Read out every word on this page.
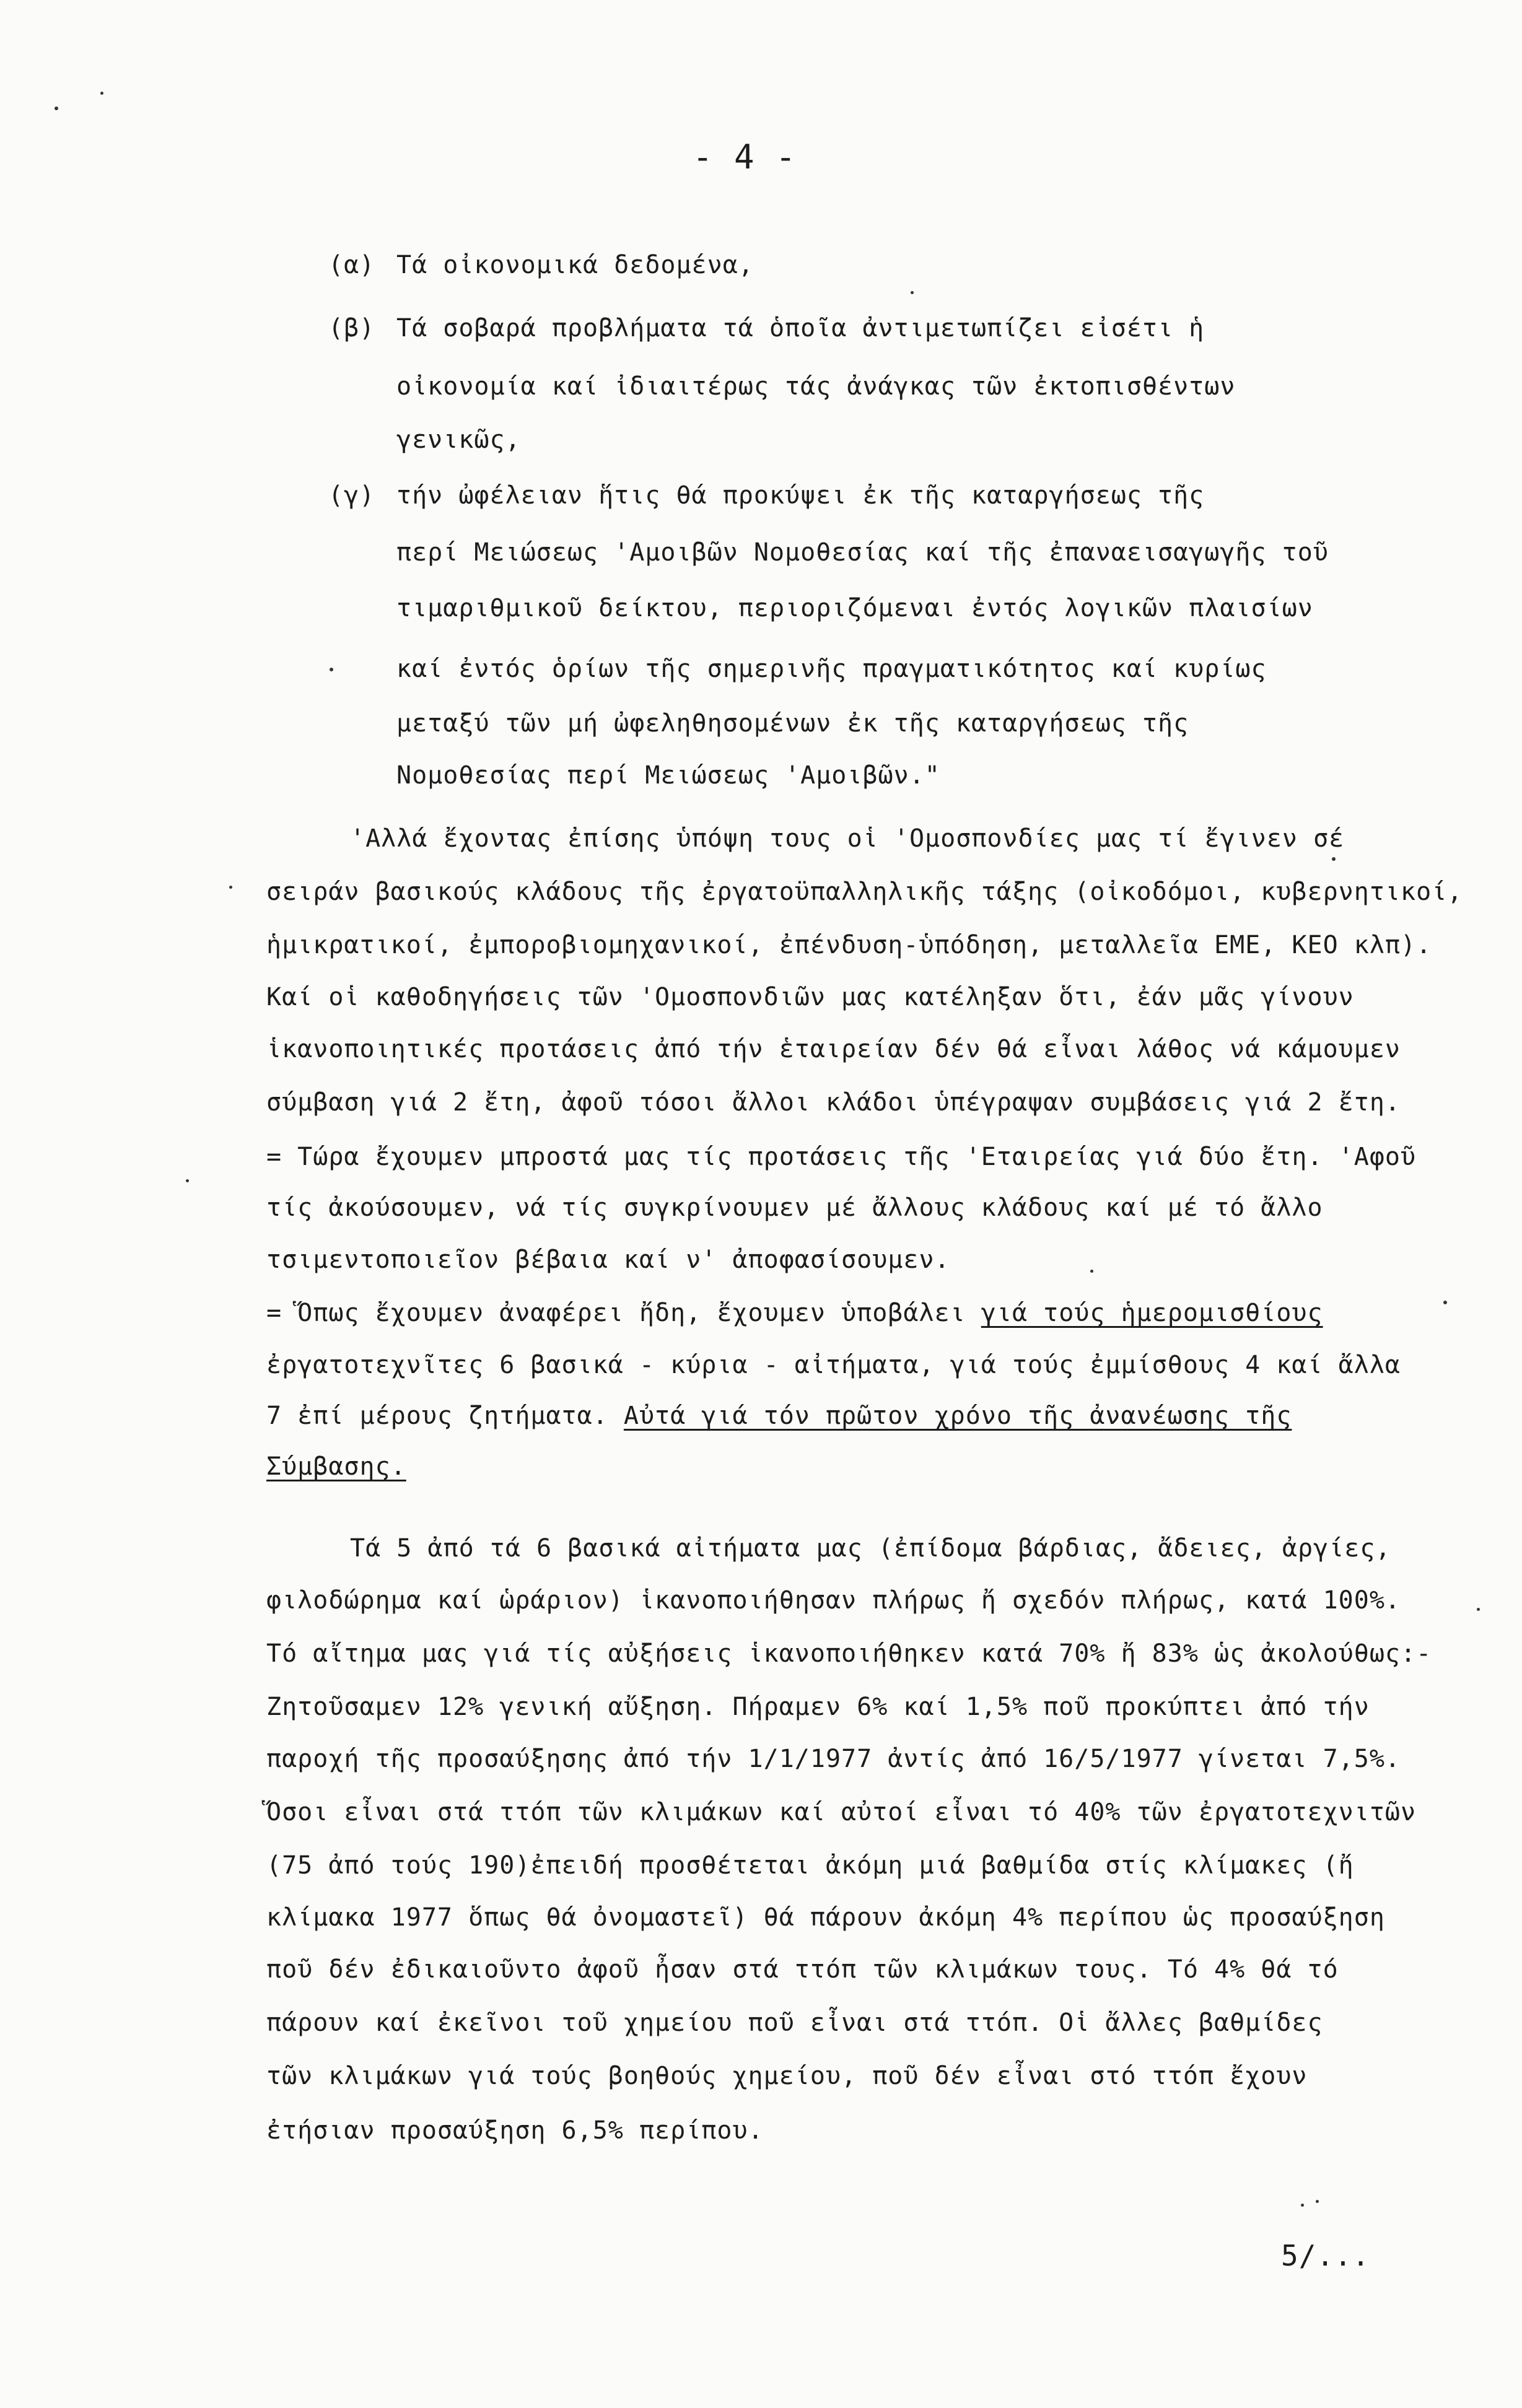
- 4 -
(α) Τά οἰκονομικά δεδομένα,
(β) Τά σοβαρά προβλήματα τά ὁποῖα ἀντιμετωπίζει εἰσέτι ἡ
οἰκονομία καί ἰδιαιτέρως τάς ἀνάγκας τῶν ἐκτοπισθέντων
γενικῶς,
(γ) τήν ὠφέλειαν ἥτις θά προκύψει ἐκ τῆς καταργήσεως τῆς
περί Μειώσεως 'Αμοιβῶν Νομοθεσίας καί τῆς ἐπαναεισαγωγῆς τοῦ
τιμαριθμικοῦ δείκτου, περιοριζόμεναι ἐντός λογικῶν πλαισίων
καί ἐντός ὁρίων τῆς σημερινῆς πραγματικότητος καί κυρίως
μεταξύ τῶν μή ὠφεληθησομένων ἐκ τῆς καταργήσεως τῆς
Νομοθεσίας περί Μειώσεως 'Αμοιβῶν."
'Αλλά ἔχοντας ἐπίσης ὑπόψη τους οἱ 'Ομοσπονδίες μας τί ἔγινεν σέ
σειράν βασικούς κλάδους τῆς ἐργατοϋπαλληλικῆς τάξης (οἰκοδόμοι, κυβερνητικοί,
ἡμικρατικοί, ἐμποροβιομηχανικοί, ἐπένδυση-ὑπόδηση, μεταλλεῖα ΕΜΕ, ΚΕΟ κλπ).
Καί οἱ καθοδηγήσεις τῶν 'Ομοσπονδιῶν μας κατέληξαν ὅτι, ἐάν μᾶς γίνουν
ἱκανοποιητικές προτάσεις ἀπό τήν ἑταιρείαν δέν θά εἶναι λάθος νά κάμουμεν
σύμβαση γιά 2 ἔτη, ἀφοῦ τόσοι ἄλλοι κλάδοι ὑπέγραψαν συμβάσεις γιά 2 ἔτη.
= Τώρα ἔχουμεν μπροστά μας τίς προτάσεις τῆς 'Εταιρείας γιά δύο ἔτη. 'Αφοῦ
τίς ἀκούσουμεν, νά τίς συγκρίνουμεν μέ ἄλλους κλάδους καί μέ τό ἄλλο
τσιμεντοποιεῖον βέβαια καί ν' ἀποφασίσουμεν.
= Ὅπως ἔχουμεν ἀναφέρει ἤδη, ἔχουμεν ὑποβάλει γιά τούς ἡμερομισθίους
ἐργατοτεχνῖτες 6 βασικά - κύρια - αἰτήματα, γιά τούς ἐμμίσθους 4 καί ἄλλα
7 ἐπί μέρους ζητήματα. Αὐτά γιά τόν πρῶτον χρόνο τῆς ἀνανέωσης τῆς
Σύμβασης.
Τά 5 ἀπό τά 6 βασικά αἰτήματα μας (ἐπίδομα βάρδιας, ἄδειες, ἀργίες,
φιλοδώρημα καί ὡράριον) ἱκανοποιήθησαν πλήρως ἤ σχεδόν πλήρως, κατά 100%.
Τό αἴτημα μας γιά τίς αὐξήσεις ἱκανοποιήθηκεν κατά 70% ἤ 83% ὡς ἀκολούθως:-
Ζητοῦσαμεν 12% γενική αὔξηση. Πήραμεν 6% καί 1,5% ποῦ προκύπτει ἀπό τήν
παροχή τῆς προσαύξησης ἀπό τήν 1/1/1977 ἀντίς ἀπό 16/5/1977 γίνεται 7,5%.
Ὅσοι εἶναι στά ττόπ τῶν κλιμάκων καί αὐτοί εἶναι τό 40% τῶν ἐργατοτεχνιτῶν
(75 ἀπό τούς 190)ἐπειδή προσθέτεται ἀκόμη μιά βαθμίδα στίς κλίμακες (ἤ
κλίμακα 1977 ὅπως θά ὀνομαστεῖ) θά πάρουν ἀκόμη 4% περίπου ὡς προσαύξηση
ποῦ δέν ἐδικαιοῦντο ἀφοῦ ἦσαν στά ττόπ τῶν κλιμάκων τους. Τό 4% θά τό
πάρουν καί ἐκεῖνοι τοῦ χημείου ποῦ εἶναι στά ττόπ. Οἱ ἄλλες βαθμίδες
τῶν κλιμάκων γιά τούς βοηθούς χημείου, ποῦ δέν εἶναι στό ττόπ ἔχουν
ἐτήσιαν προσαύξηση 6,5% περίπου.
5/...
